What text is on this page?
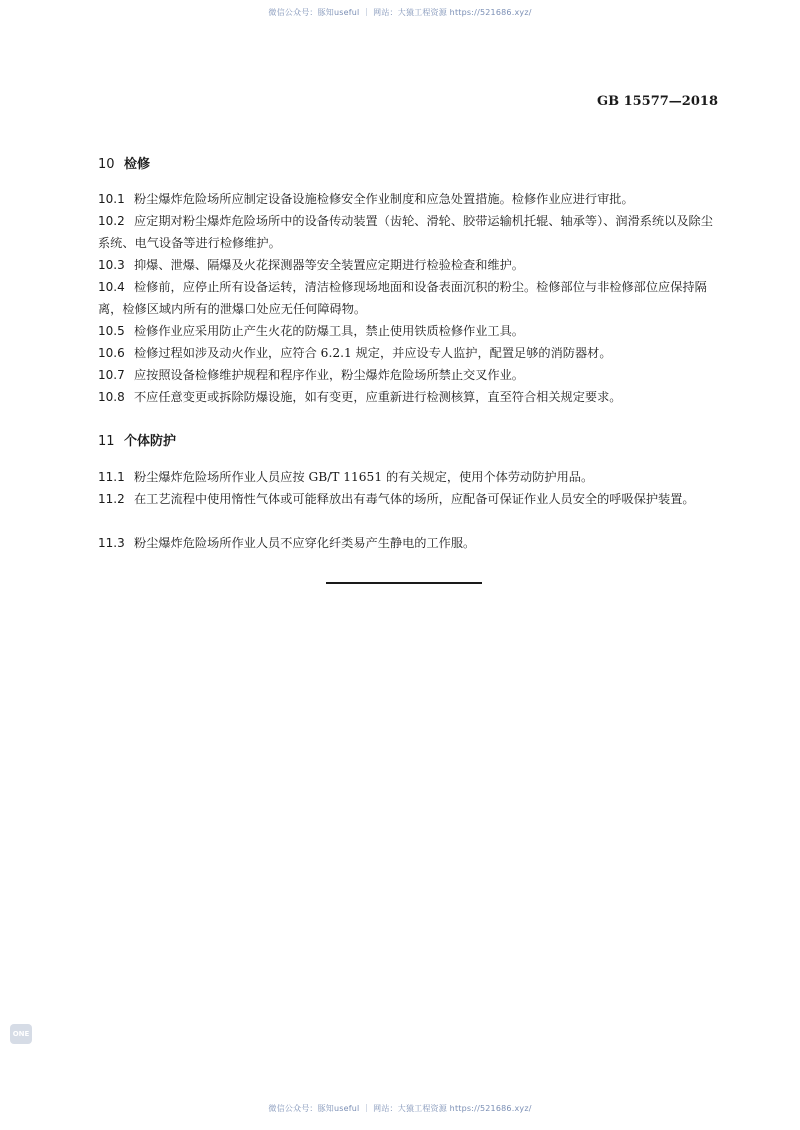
微信公众号：豚知useful ｜ 网站：大猿工程资源 https://521686.xyz/
GB 15577—2018
10 检修
10.1 粉尘爆炸危险场所应制定设备设施检修安全作业制度和应急处置措施。检修作业应进行审批。
10.2 应定期对粉尘爆炸危险场所中的设备传动装置（齿轮、滑轮、胶带运输机托辊、轴承等）、润滑系统以及除尘系统、电气设备等进行检修维护。
10.3 抑爆、泄爆、隔爆及火花探测器等安全装置应定期进行检验检查和维护。
10.4 检修前，应停止所有设备运转，清洁检修现场地面和设备表面沉积的粉尘。检修部位与非检修部位应保持隔离，检修区域内所有的泄爆口处应无任何障碍物。
10.5 检修作业应采用防止产生火花的防爆工具，禁止使用铁质检修作业工具。
10.6 检修过程如涉及动火作业，应符合 6.2.1 规定，并应设专人监护，配置足够的消防器材。
10.7 应按照设备检修维护规程和程序作业，粉尘爆炸危险场所禁止交叉作业。
10.8 不应任意变更或拆除防爆设施，如有变更，应重新进行检测核算，直至符合相关规定要求。
11 个体防护
11.1 粉尘爆炸危险场所作业人员应按 GB/T 11651 的有关规定，使用个体劳动防护用品。
11.2 在工艺流程中使用惰性气体或可能释放出有毒气体的场所，应配备可保证作业人员安全的呼吸保护装置。
11.3 粉尘爆炸危险场所作业人员不应穿化纤类易产生静电的工作服。
ONE
微信公众号：豚知useful ｜ 网站：大猿工程资源 https://521686.xyz/
